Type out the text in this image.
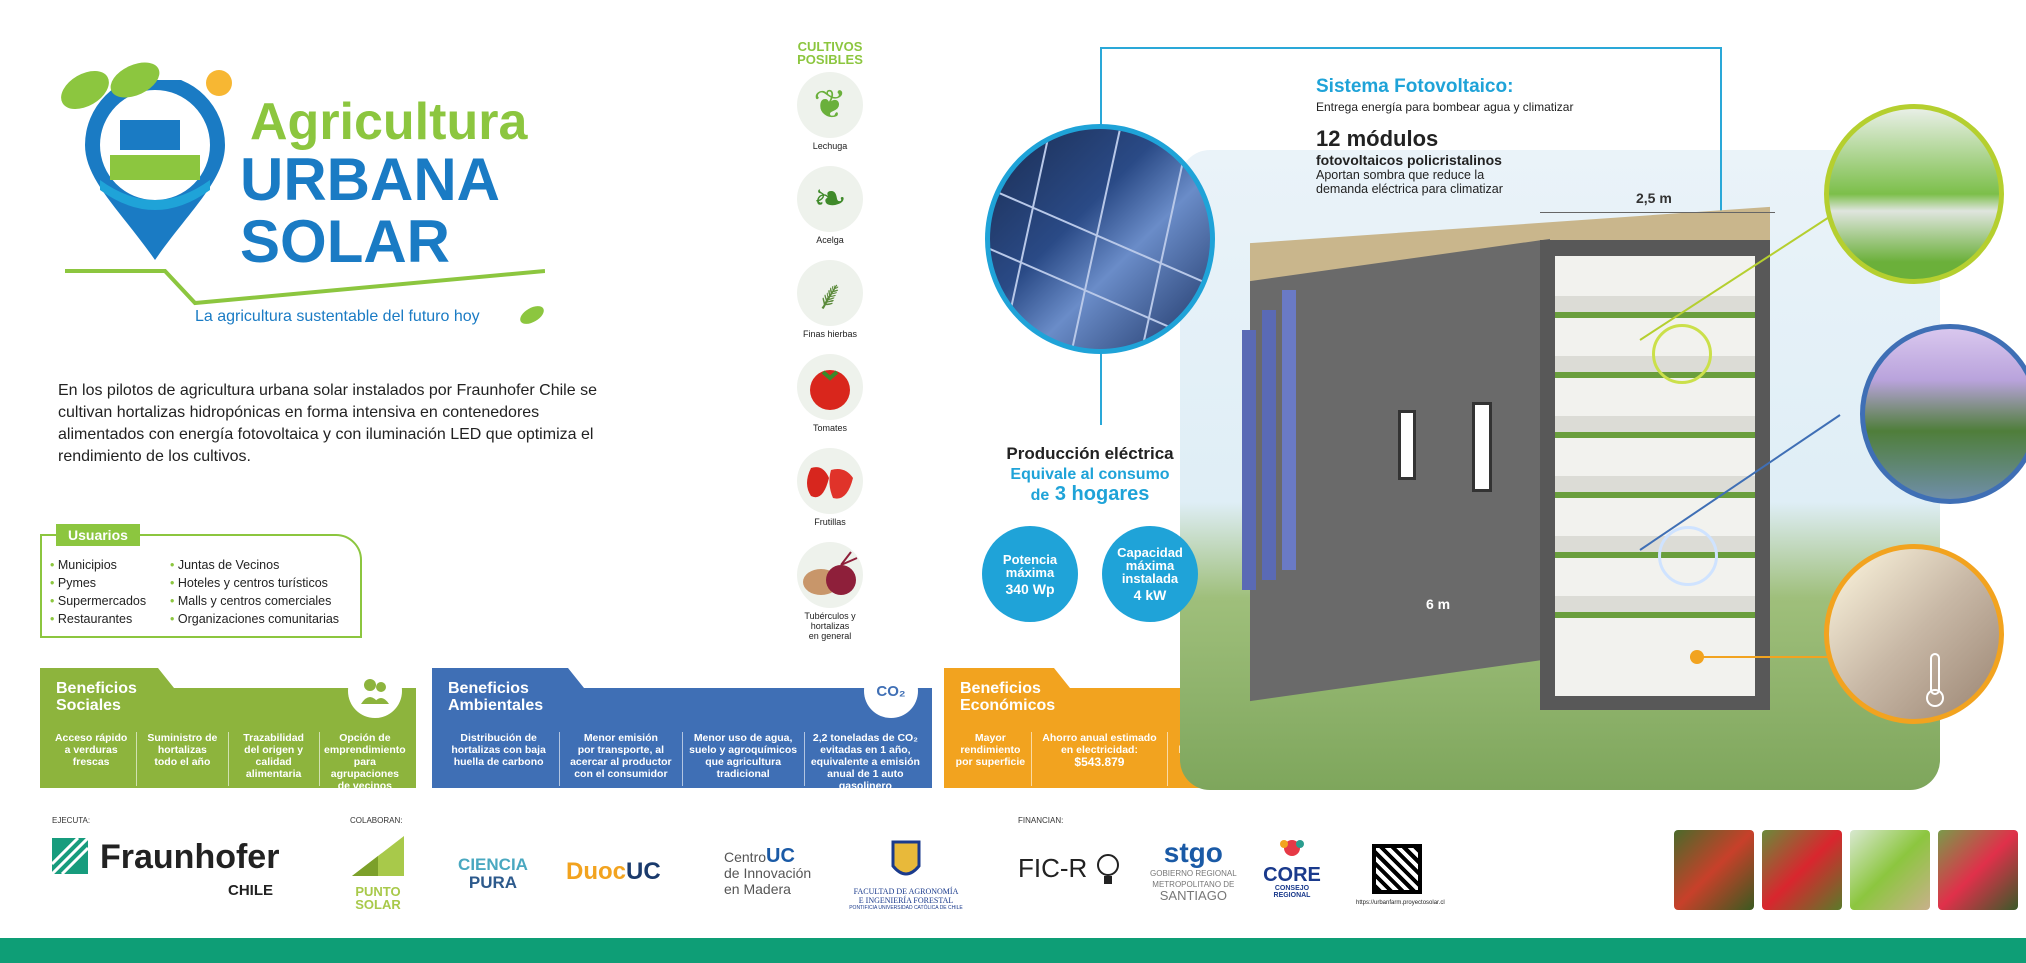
Agricultura
URBANA
SOLAR
La agricultura sustentable del futuro hoy
En los pilotos de agricultura urbana solar instalados por Fraunhofer Chile se cultivan hortalizas hidropónicas en forma intensiva en contenedores alimentados con energía fotovoltaica y con iluminación LED que optimiza el rendimiento de los cultivos.
• Municipios
• Pymes
• Supermercados
• Restaurantes
• Juntas de Vecinos
• Hoteles y centros turísticos
• Malls y centros comerciales
• Organizaciones comunitarias
Usuarios
CULTIVOS
POSIBLES
❦
Lechuga
❧
Acelga
⸙
Finas hierbas
Tomates
Frutillas
Tubérculos y hortalizas
en general
Beneficios
Sociales
Acceso rápido
a verduras
frescas
Suministro de
hortalizas
todo el año
Trazabilidad
del origen y
calidad
alimentaria
Opción de
emprendimiento
para agrupaciones
de vecinos
Beneficios
Ambientales
CO₂
Distribución de
hortalizas con baja
huella de carbono
Menor emisión
por transporte, al
acercar al productor
con el consumidor
Menor uso de agua,
suelo y agroquímicos
que agricultura
tradicional
2,2 toneladas de CO₂
evitadas en 1 año,
equivalente a emisión
anual de 1 auto gasolinero
Beneficios
Económicos
Mayor
rendimiento
por superficie
Ahorro anual estimado
en electricidad:
$543.879
2,5 m
6 m
Sistema Fotovoltaico:
Entrega energía para bombear agua y climatizar
12 módulos
fotovoltaicos policristalinos
Aportan sombra que reduce la demanda eléctrica para climatizar
Producción eléctrica
Equivale al consumo
de 3 hogares
Potencia
máxima
340 Wp
Capacidad
máxima
instalada
4 kW
EJECUTA:	COLABORAN:	FINANCIAN:
Fraunhofer
CHILE	PUNTO
SOLAR
CIENCIA
PURA	DuocUC
CentroUC
de Innovación
en Madera	FACULTAD DE AGRONOMÍA
E INGENIERÍA FORESTAL
PONTIFICIA UNIVERSIDAD CATÓLICA DE CHILE
FIC-R	stgo
GOBIERNO REGIONAL
METROPOLITANO DE
SANTIAGO
CORE
CONSEJO REGIONAL
https://urbanfarm.proyectosolar.cl
